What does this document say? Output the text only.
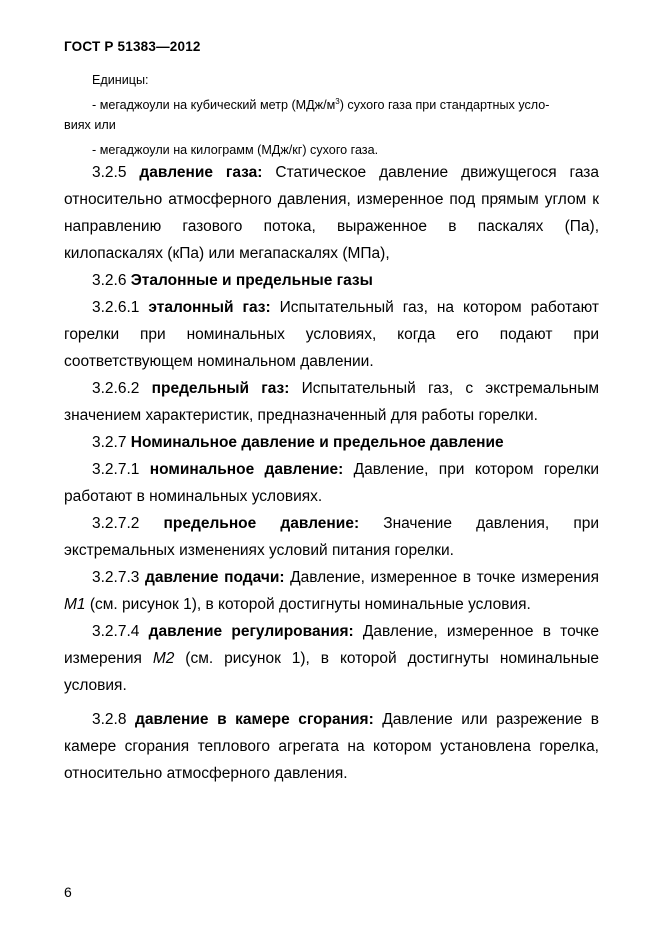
ГОСТ Р 51383—2012
Единицы:
- мегаджоули на кубический метр $(МДж/м^3)$ сухого газа при стандартных усло-
виях или
- мегаджоули на килограмм (МДж/кг) сухого газа.

3.2.5 давление газа: Статическое давление движущегося газа относительно атмосферного давления, измеренное под прямым углом к направлению газового потока, выраженное в паскалях (Па), килопаскалях (кПа) или мегапаскалях (МПа),

3.2.6 Эталонные и предельные газы

3.2.6.1 эталонный газ: Испытательный газ, на котором работают горелки при номинальных условиях, когда его подают при соответствующем номинальном давлении.

3.2.6.2 предельный газ: Испытательный газ, с экстремальным значением характеристик, предназначенный для работы горелки.

3.2.7 Номинальное давление и предельное давление

3.2.7.1 номинальное давление: Давление, при котором горелки работают в номинальных условиях.

3.2.7.2 предельное давление: Значение давления, при экстремальных изменениях условий питания горелки.

3.2.7.3 давление подачи: Давление, измеренное в точке измерения М1 (см. рисунок 1), в которой достигнуты номинальные условия.

3.2.7.4 давление регулирования: Давление, измеренное в точке измерения М2 (см. рисунок 1), в которой достигнуты номинальные условия.

3.2.8 давление в камере сгорания: Давление или разрежение в камере сгорания теплового агрегата на котором установлена горелка, относительно атмосферного давления.

6
